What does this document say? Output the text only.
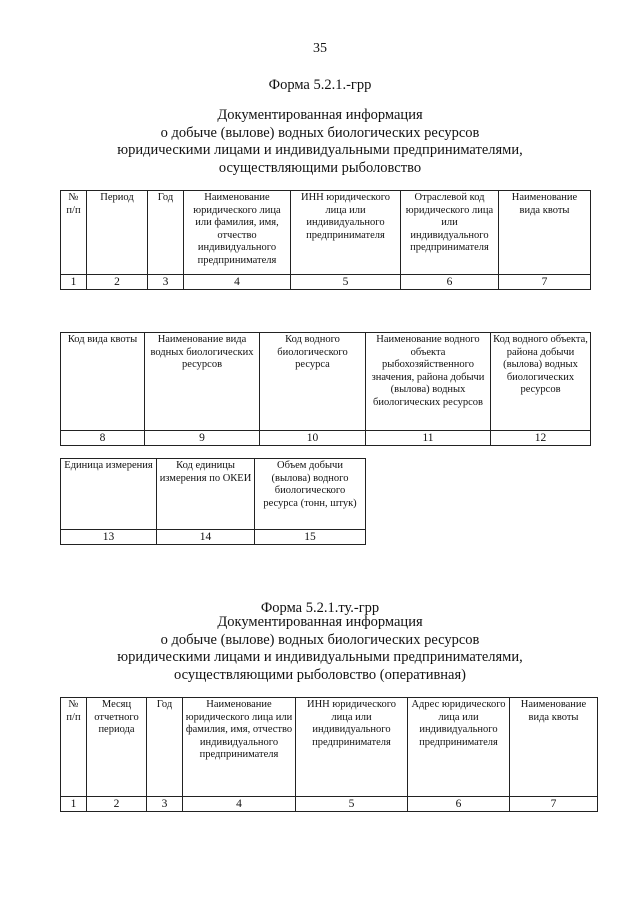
35
Форма 5.2.1.-грр
Документированная информация
о добыче (вылове) водных биологических ресурсов
юридическими лицами и индивидуальными предпринимателями,
осуществляющими рыболовство
№ п/п	Период	Год	Наименование юридического лица или фамилия, имя, отчество индивидуального предпринимателя	ИНН юридического лица или индивидуального предпринимателя	Отраслевой код юридического лица или индивидуального предпринимателя	Наименование вида квоты
1	2	3	4	5	6	7
Код вида квоты	Наименование вида водных биологических ресурсов	Код водного биологического ресурса	Наименование водного объекта рыбохозяйственного значения, района добычи (вылова) водных биологических ресурсов	Код водного объекта, района добычи (вылова) водных биологических ресурсов
8	9	10	11	12
Единица измерения	Код единицы измерения по ОКЕИ	Объем добычи (вылова) водного биологического ресурса (тонн, штук)
13	14	15
Форма 5.2.1.ту.-грр
Документированная информация
о добыче (вылове) водных биологических ресурсов
юридическими лицами и индивидуальными предпринимателями,
осуществляющими рыболовство (оперативная)
№ п/п	Месяц отчетного периода	Год	Наименование юридического лица или фамилия, имя, отчество индивидуального предпринимателя	ИНН юридического лица или индивидуального предпринимателя	Адрес юридического лица или индивидуального предпринимателя	Наименование вида квоты
1	2	3	4	5	6	7
